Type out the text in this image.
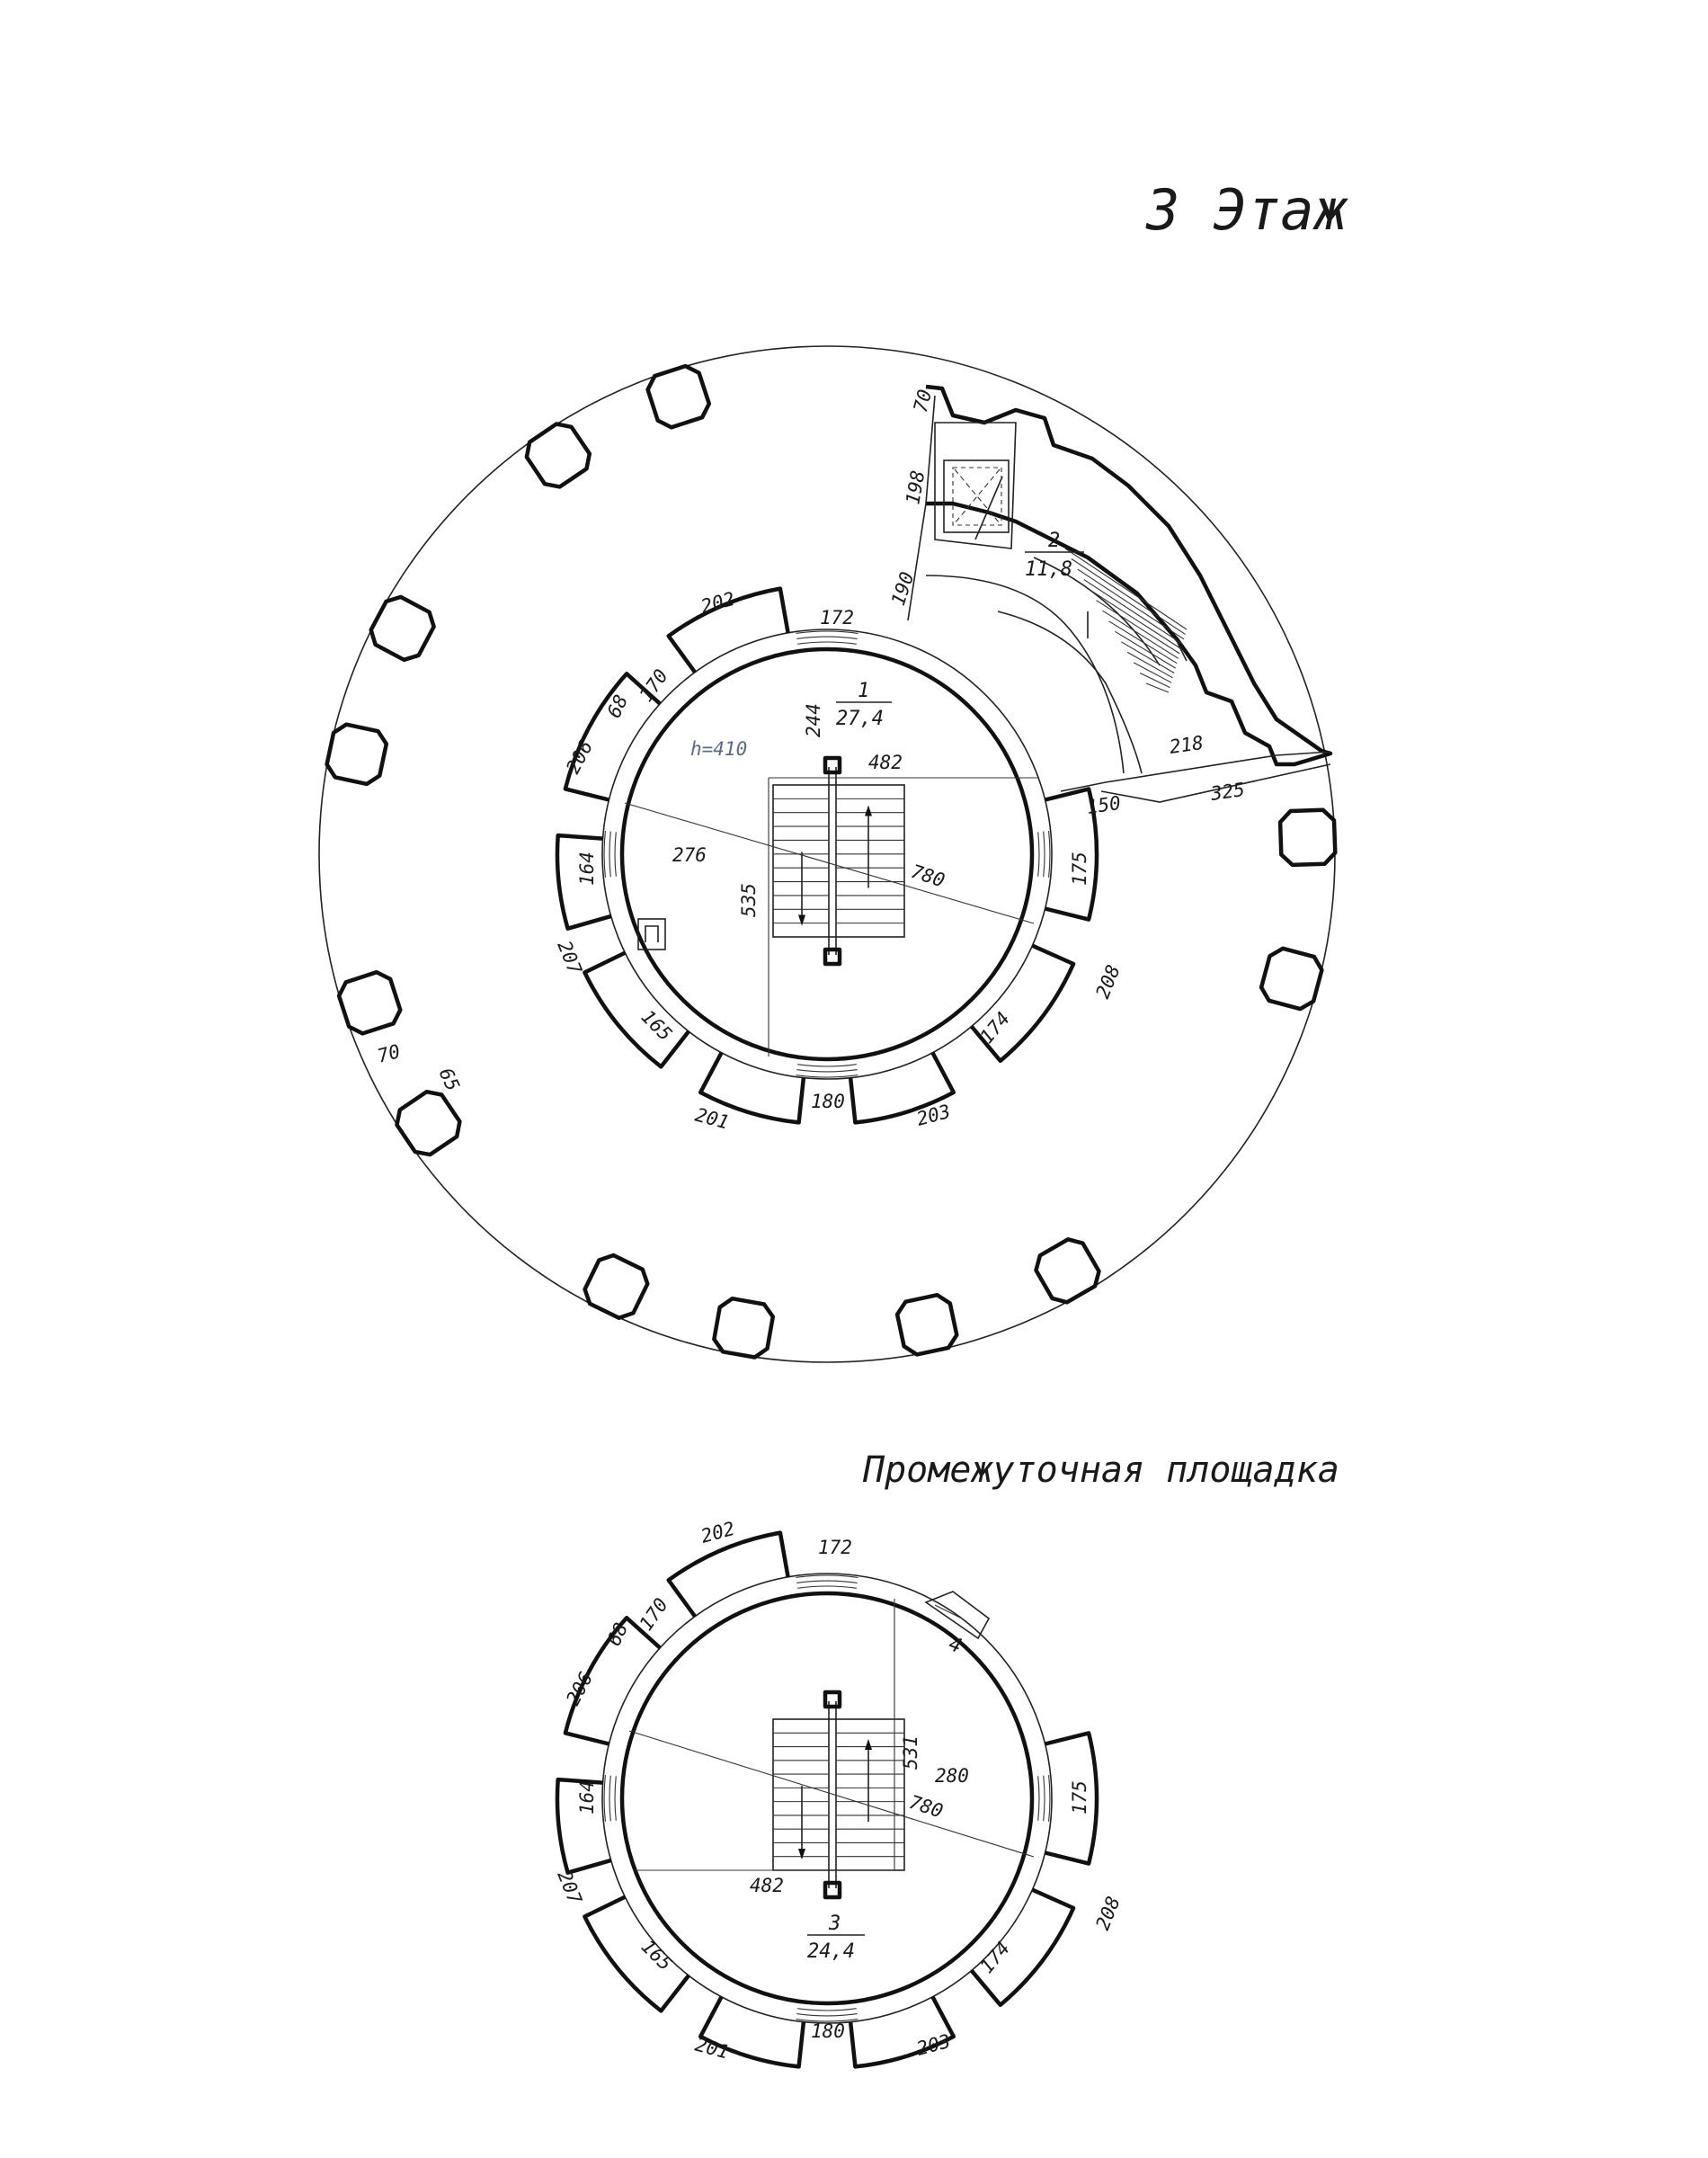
3 Этаж
Промежуточная площадка
70
198
190
202
172
244
170
68
206	482
276
780
164
535
175
207
165
208
174
70
65
201
180	203
218
150
325
h=410
1
27,4
2
11,8
202
172
170
68
206
531
280
780
164	175
482
207
208
165	174
201
180	203
3
24,4
4
